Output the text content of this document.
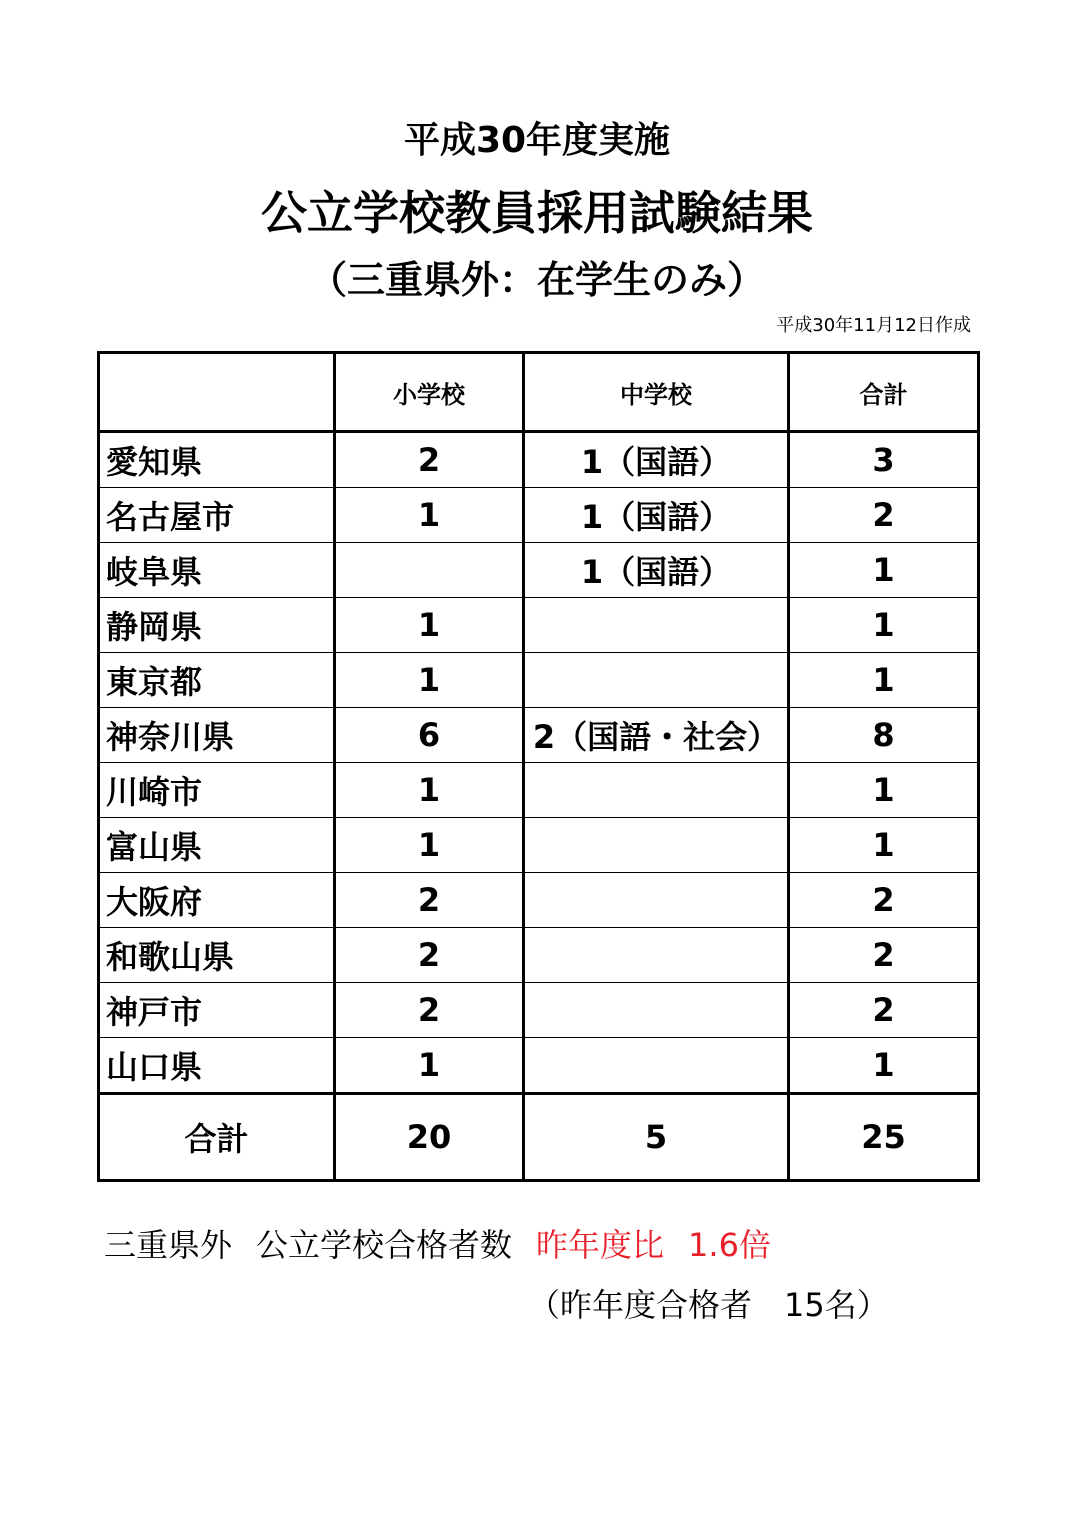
平成30年度実施
公立学校教員採用試験結果
（三重県外：在学生のみ）
平成30年11月12日作成
	小学校	中学校	合計
愛知県	2	1（国語）	3
名古屋市	1	1（国語）	2
岐阜県		1（国語）	1
静岡県	1		1
東京都	1		1
神奈川県	6	2（国語・社会）	8
川崎市	1		1
富山県	1		1
大阪府	2		2
和歌山県	2		2
神戸市	2		2
山口県	1		1
合計	20	5	25
三重県外 公立学校合格者数 昨年度比 1.6倍
（昨年度合格者　15名）
